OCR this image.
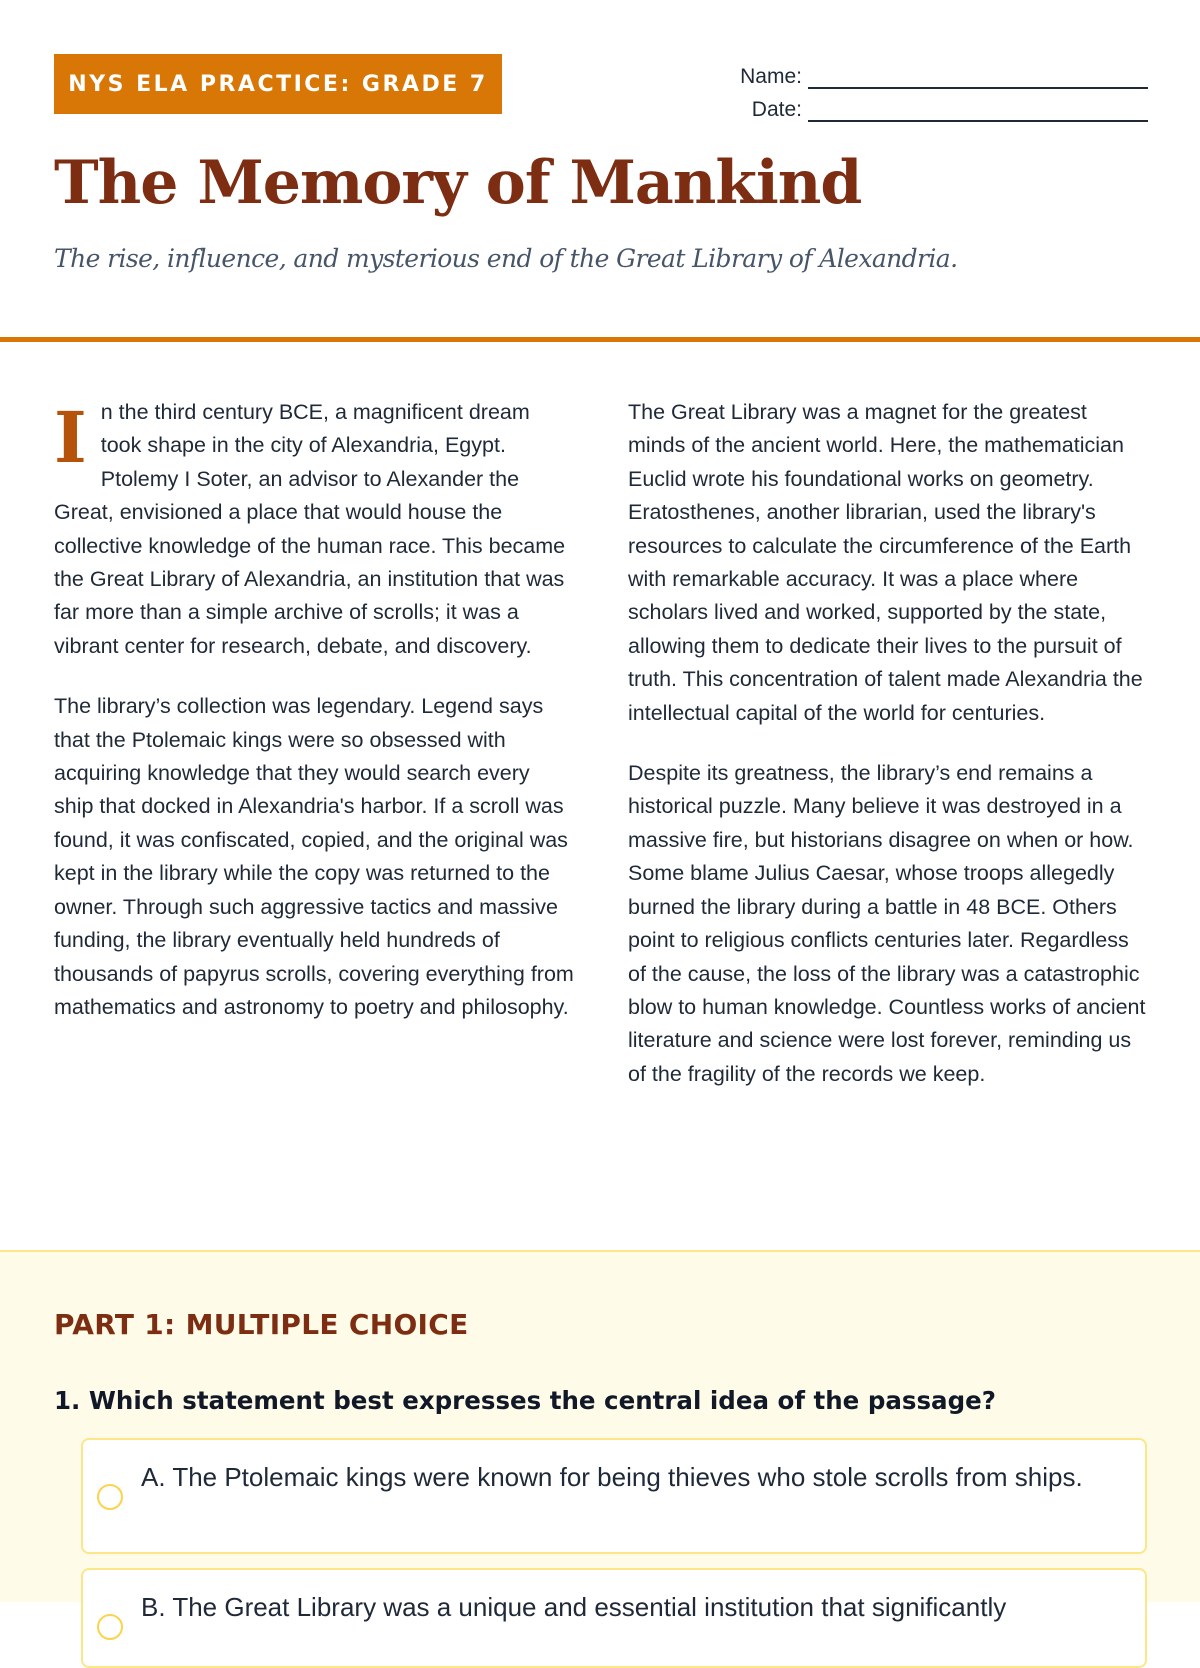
NYS ELA PRACTICE: GRADE 7	Name:
Date:
The Memory of Mankind

The rise, influence, and mysterious end of the Great Library of Alexandria.

In the third century BCE, a magnificent dream took shape in the city of Alexandria, Egypt. Ptolemy I Soter, an advisor to Alexander the Great, envisioned a place that would house the collective knowledge of the human race. This became the Great Library of Alexandria, an institution that was far more than a simple archive of scrolls; it was a vibrant center for research, debate, and discovery.

The library’s collection was legendary. Legend says that the Ptolemaic kings were so obsessed with acquiring knowledge that they would search every ship that docked in Alexandria's harbor. If a scroll was found, it was confiscated, copied, and the original was kept in the library while the copy was returned to the owner. Through such aggressive tactics and massive funding, the library eventually held hundreds of thousands of papyrus scrolls, covering everything from mathematics and astronomy to poetry and philosophy.

The Great Library was a magnet for the greatest minds of the ancient world. Here, the mathematician Euclid wrote his foundational works on geometry. Eratosthenes, another librarian, used the library's resources to calculate the circumference of the Earth with remarkable accuracy. It was a place where scholars lived and worked, supported by the state, allowing them to dedicate their lives to the pursuit of truth. This concentration of talent made Alexandria the intellectual capital of the world for centuries.

Despite its greatness, the library’s end remains a historical puzzle. Many believe it was destroyed in a massive fire, but historians disagree on when or how. Some blame Julius Caesar, whose troops allegedly burned the library during a battle in 48 BCE. Others point to religious conflicts centuries later. Regardless of the cause, the loss of the library was a catastrophic blow to human knowledge. Countless works of ancient literature and science were lost forever, reminding us of the fragility of the records we keep.

PART 1: MULTIPLE CHOICE

1. Which statement best expresses the central idea of the passage?

A. The Ptolemaic kings were known for being thieves who stole scrolls from ships.
B. The Great Library was a unique and essential institution that significantly
